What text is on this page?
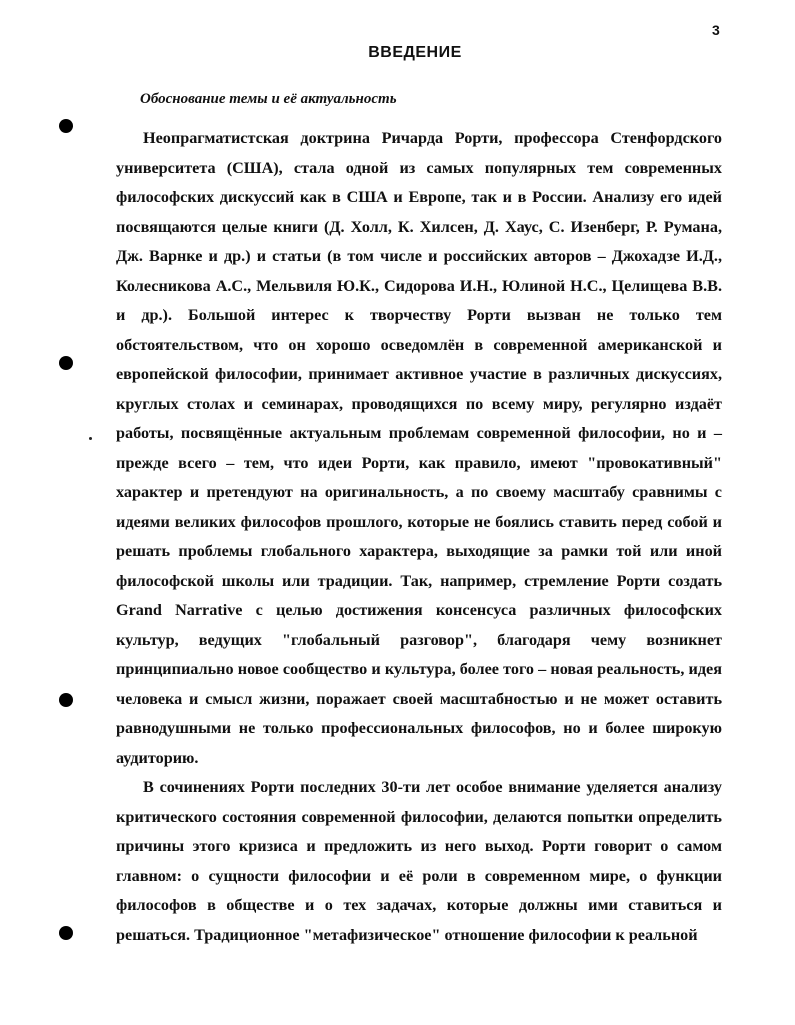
3
ВВЕДЕНИЕ
Обоснование темы и её актуальность

Неопрагматистская доктрина Ричарда Рорти, профессора Стенфордского университета (США), стала одной из самых популярных тем современных философских дискуссий как в США и Европе, так и в России. Анализу его идей посвящаются целые книги (Д. Холл, К. Хилсен, Д. Хаус, С. Изенберг, Р. Румана, Дж. Варнке и др.) и статьи (в том числе и российских авторов – Джохадзе И.Д., Колесникова А.С., Мельвиля Ю.К., Сидорова И.Н., Юлиной Н.С., Целищева В.В. и др.). Большой интерес к творчеству Рорти вызван не только тем обстоятельством, что он хорошо осведомлён в современной американской и европейской философии, принимает активное участие в различных дискуссиях, круглых столах и семинарах, проводящихся по всему миру, регулярно издаёт работы, посвящённые актуальным проблемам современной философии, но и – прежде всего – тем, что идеи Рорти, как правило, имеют "провокативный" характер и претендуют на оригинальность, а по своему масштабу сравнимы с идеями великих философов прошлого, которые не боялись ставить перед собой и решать проблемы глобального характера, выходящие за рамки той или иной философской школы или традиции. Так, например, стремление Рорти создать Grand Narrative с целью достижения консенсуса различных философских культур, ведущих "глобальный разговор", благодаря чему возникнет принципиально новое сообщество и культура, более того – новая реальность, идея человека и смысл жизни, поражает своей масштабностью и не может оставить равнодушными не только профессиональных философов, но и более широкую аудиторию.

В сочинениях Рорти последних 30-ти лет особое внимание уделяется анализу критического состояния современной философии, делаются попытки определить причины этого кризиса и предложить из него выход. Рорти говорит о самом главном: о сущности философии и её роли в современном мире, о функции философов в обществе и о тех задачах, которые должны ими ставиться и решаться. Традиционное "метафизическое" отношение философии к реальной
